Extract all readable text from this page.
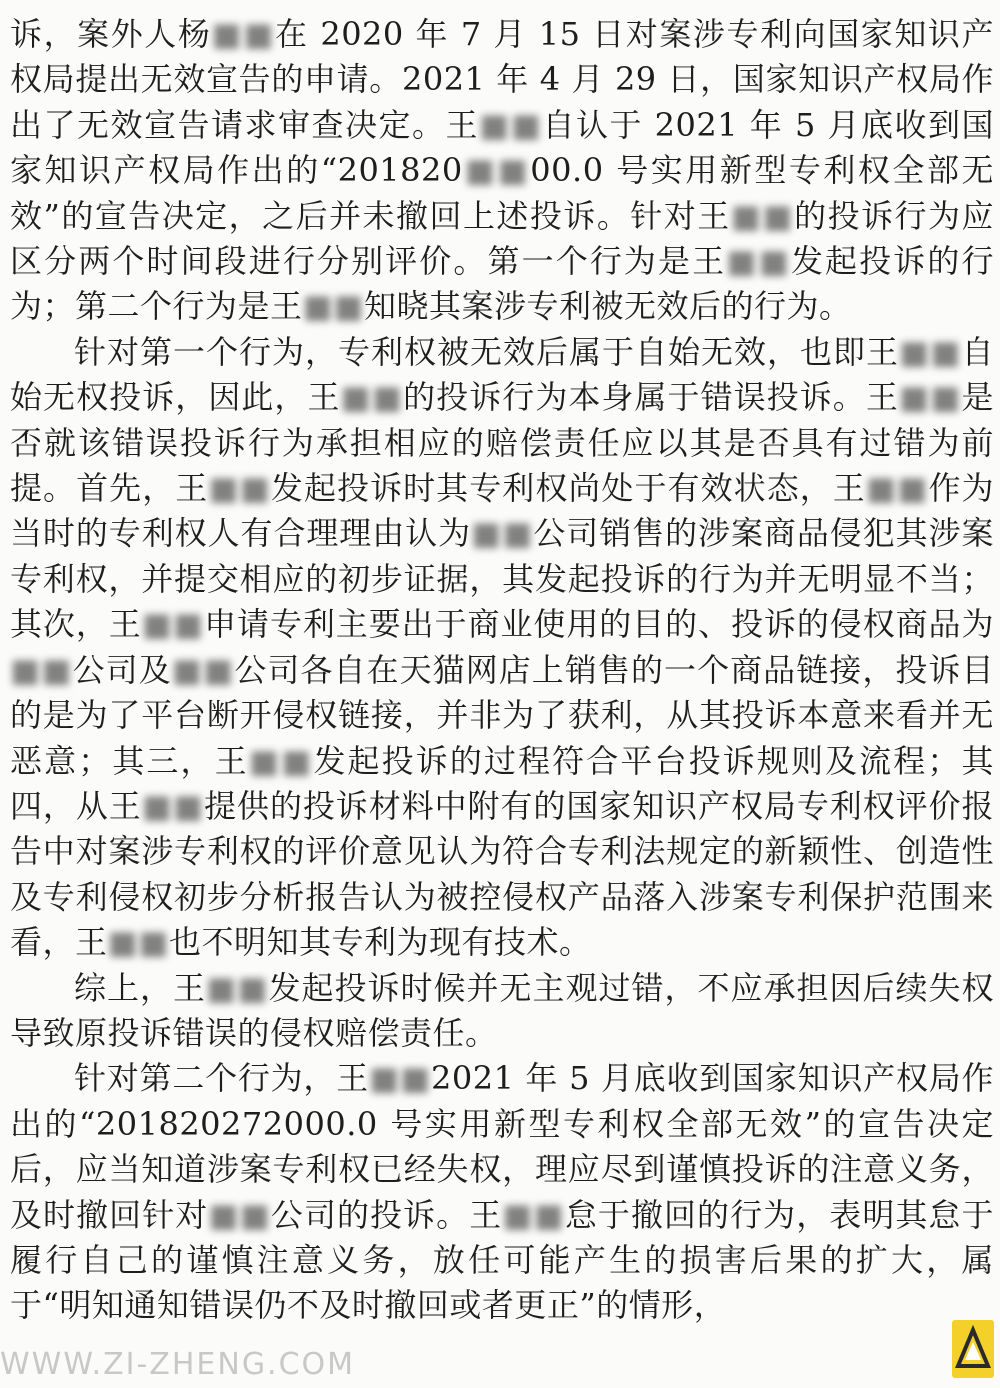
诉，案外人杨■■在 2020 年 7 月 15 日对案涉专利向国家知识产权局提出无效宣告的申请。2021 年 4 月 29 日，国家知识产权局作出了无效宣告请求审查决定。王■■自认于 2021 年 5 月底收到国家知识产权局作出的“201820■■00.0 号实用新型专利权全部无效”的宣告决定，之后并未撤回上述投诉。针对王■■的投诉行为应区分两个时间段进行分别评价。第一个行为是王■■发起投诉的行为；第二个行为是王■■知晓其案涉专利被无效后的行为。

针对第一个行为，专利权被无效后属于自始无效，也即王■■自始无权投诉，因此，王■■的投诉行为本身属于错误投诉。王■■是否就该错误投诉行为承担相应的赔偿责任应以其是否具有过错为前提。首先，王■■发起投诉时其专利权尚处于有效状态，王■■作为当时的专利权人有合理理由认为■■公司销售的涉案商品侵犯其涉案专利权，并提交相应的初步证据，其发起投诉的行为并无明显不当；其次，王■■申请专利主要出于商业使用的目的、投诉的侵权商品为■■公司及■■公司各自在天猫网店上销售的一个商品链接，投诉目的是为了平台断开侵权链接，并非为了获利，从其投诉本意来看并无恶意；其三，王■■发起投诉的过程符合平台投诉规则及流程；其四，从王■■提供的投诉材料中附有的国家知识产权局专利权评价报告中对案涉专利权的评价意见认为符合专利法规定的新颖性、创造性及专利侵权初步分析报告认为被控侵权产品落入涉案专利保护范围来看，王■■也不明知其专利为现有技术。

综上，王■■发起投诉时候并无主观过错，不应承担因后续失权导致原投诉错误的侵权赔偿责任。

针对第二个行为，王■■2021 年 5 月底收到国家知识产权局作出的“201820272000.0 号实用新型专利权全部无效”的宣告决定后，应当知道涉案专利权已经失权，理应尽到谨慎投诉的注意义务，及时撤回针对■■公司的投诉。王■■怠于撤回的行为，表明其怠于履行自己的谨慎注意义务，放任可能产生的损害后果的扩大，属于“明知通知错误仍不及时撤回或者更正”的情形，

WWW.ZI-ZHENG.COM
